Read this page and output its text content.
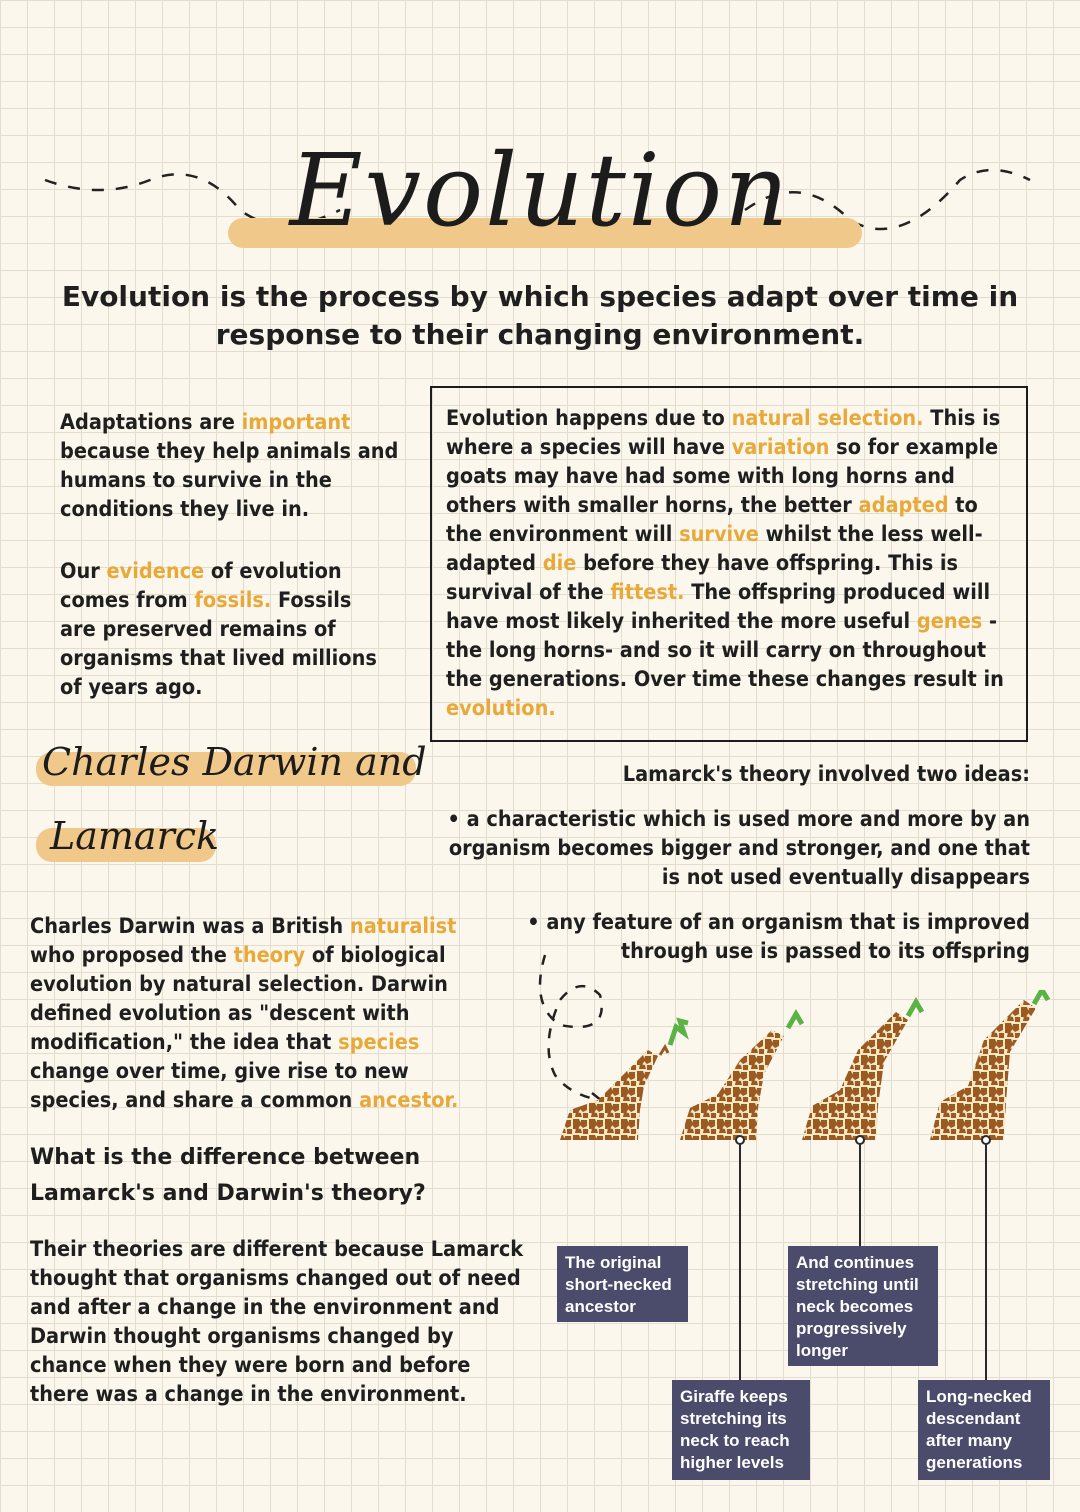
Evolution
Evolution is the process by which species adapt over time in response to their changing environment.
Adaptations are important because they help animals and humans to survive in the conditions they live in.
Our evidence of evolution comes from fossils. Fossils are preserved remains of organisms that lived millions of years ago.
Evolution happens due to natural selection. This is where a species will have variation so for example goats may have had some with long horns and others with smaller horns, the better adapted to the environment will survive whilst the less well-adapted die before they have offspring. This is survival of the fittest. The offspring produced will have most likely inherited the more useful genes -the long horns- and so it will carry on throughout the generations. Over time these changes result in evolution.
Charles Darwin and
Lamarck
Lamarck's theory involved two ideas:
• a characteristic which is used more and more by an organism becomes bigger and stronger, and one that is not used eventually disappears
• any feature of an organism that is improved through use is passed to its offspring
Charles Darwin was a British naturalist who proposed the theory of biological evolution by natural selection. Darwin defined evolution as "descent with modification," the idea that species change over time, give rise to new species, and share a common ancestor.
What is the difference between Lamarck's and Darwin's theory?
Their theories are different because Lamarck thought that organisms changed out of need and after a change in the environment and Darwin thought organisms changed by chance when they were born and before there was a change in the environment.
The original short-necked ancestor
Giraffe keeps stretching its neck to reach higher levels
And continues stretching until neck becomes progressively longer
Long-necked descendant after many generations
